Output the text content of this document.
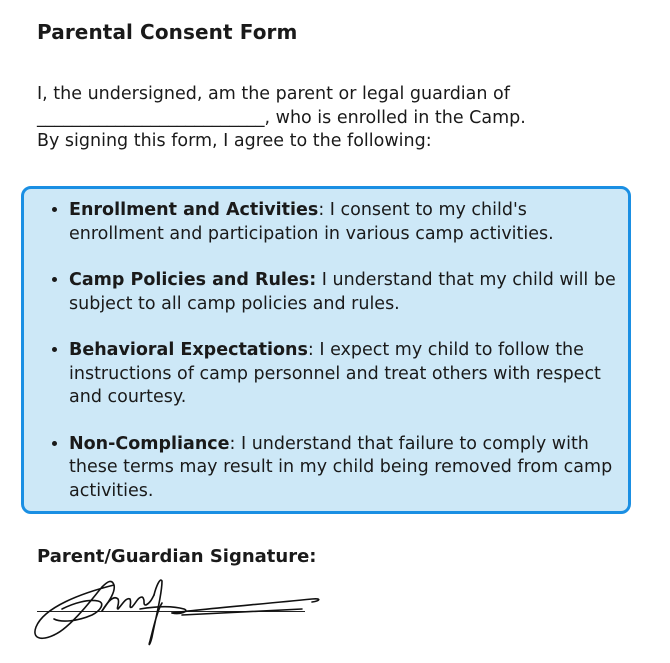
Parental Consent Form

I, the undersigned, am the parent or legal guardian of
__________________________, who is enrolled in the Camp.
By signing this form, I agree to the following:

• Enrollment and Activities: I consent to my child's enrollment and participation in various camp activities.
• Camp Policies and Rules: I understand that my child will be subject to all camp policies and rules.
• Behavioral Expectations: I expect my child to follow the instructions of camp personnel and treat others with respect and courtesy.
• Non-Compliance: I understand that failure to comply with these terms may result in my child being removed from camp activities.
Parent/Guardian Signature:
